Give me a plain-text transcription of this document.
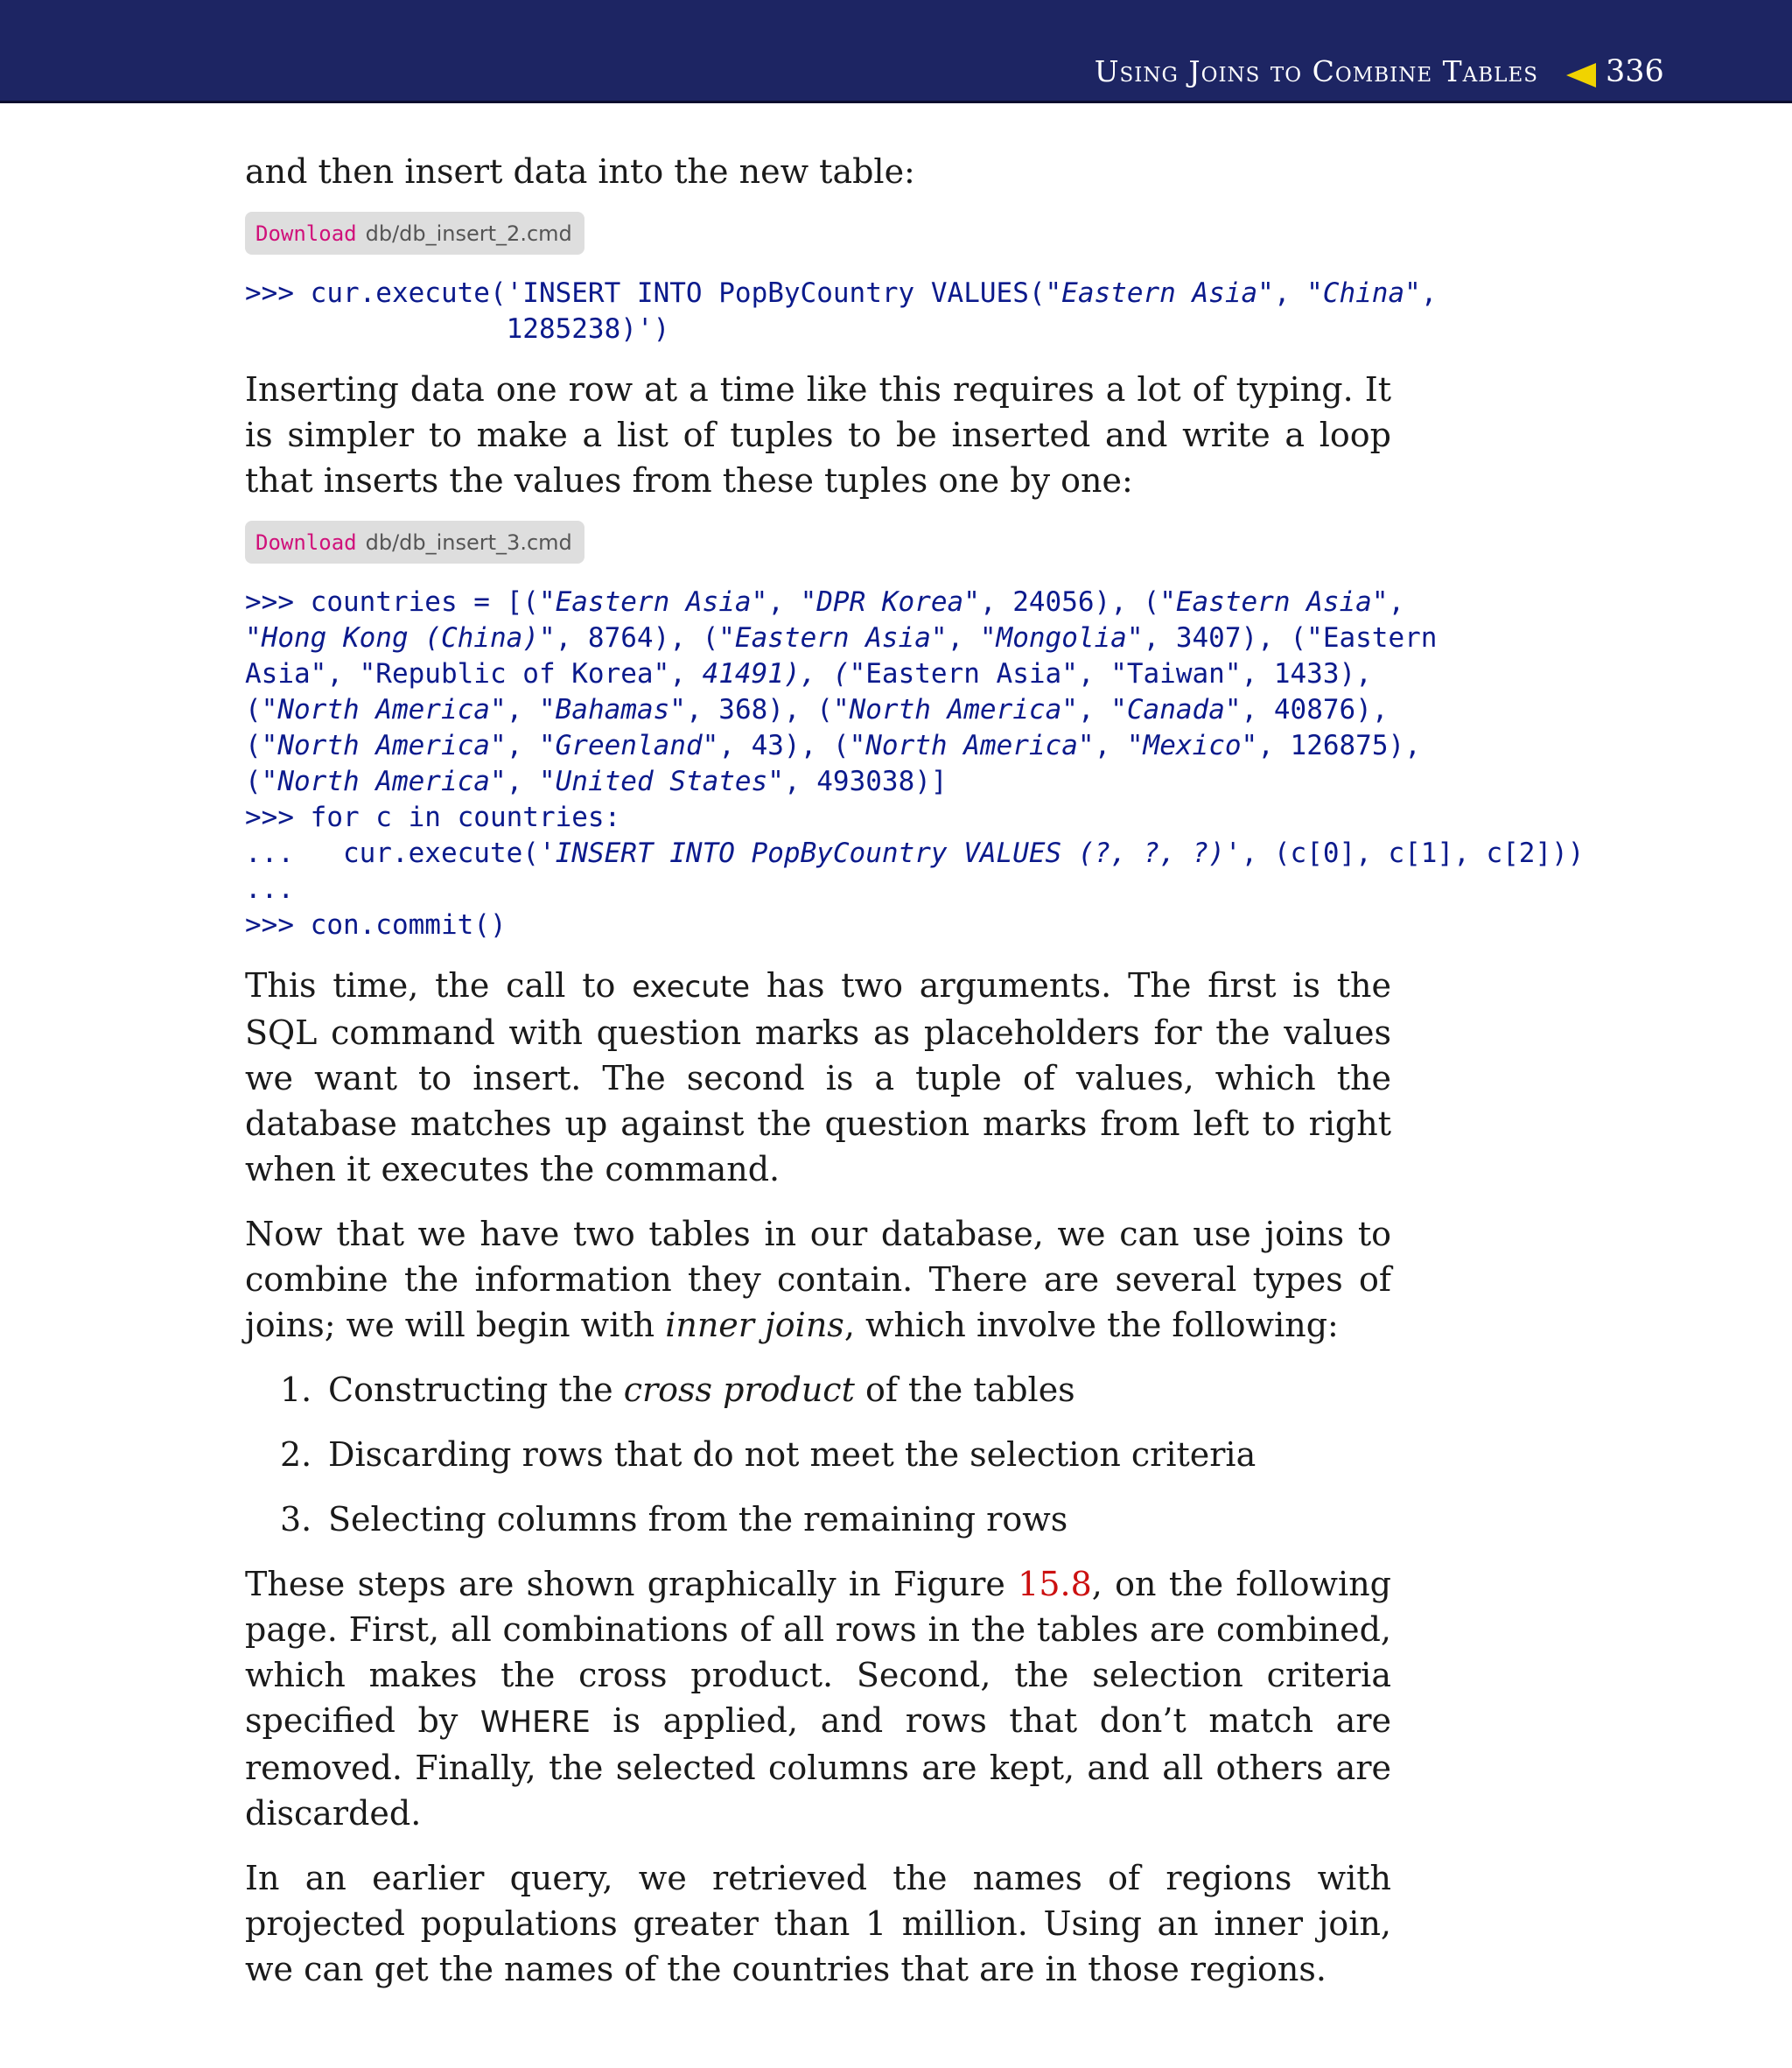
Using Joins to Combine Tables 336

and then insert data into the new table:

Download db/db_insert_2.cmd
>>> cur.execute('INSERT INTO PopByCountry VALUES("Eastern Asia", "China",
1285238)')

Inserting data one row at a time like this requires a lot of typing. It is simpler to make a list of tuples to be inserted and write a loop that inserts the values from these tuples one by one:

Download db/db_insert_3.cmd
>>> countries = [("Eastern Asia", "DPR Korea", 24056), ("Eastern Asia",
"Hong Kong (China)", 8764), ("Eastern Asia", "Mongolia", 3407), ("Eastern
Asia", "Republic of Korea", 41491), ("Eastern Asia", "Taiwan", 1433),
("North America", "Bahamas", 368), ("North America", "Canada", 40876),
("North America", "Greenland", 43), ("North America", "Mexico", 126875),
("North America", "United States", 493038)]
>>> for c in countries:
...   cur.execute('INSERT INTO PopByCountry VALUES (?, ?, ?)', (c[0], c[1], c[2]))
...
>>> con.commit()

This time, the call to execute has two arguments. The first is the SQL command with question marks as placeholders for the values we want to insert. The second is a tuple of values, which the database matches up against the question marks from left to right when it executes the command.

Now that we have two tables in our database, we can use joins to combine the information they contain. There are several types of joins; we will begin with inner joins, which involve the following:

1. Constructing the cross product of the tables
2. Discarding rows that do not meet the selection criteria
3. Selecting columns from the remaining rows

These steps are shown graphically in Figure 15.8, on the following page. First, all combinations of all rows in the tables are combined, which makes the cross product. Second, the selection criteria specified by WHERE is applied, and rows that don’t match are removed. Finally, the selected columns are kept, and all others are discarded.

In an earlier query, we retrieved the names of regions with projected populations greater than 1 million. Using an inner join, we can get the names of the countries that are in those regions.
